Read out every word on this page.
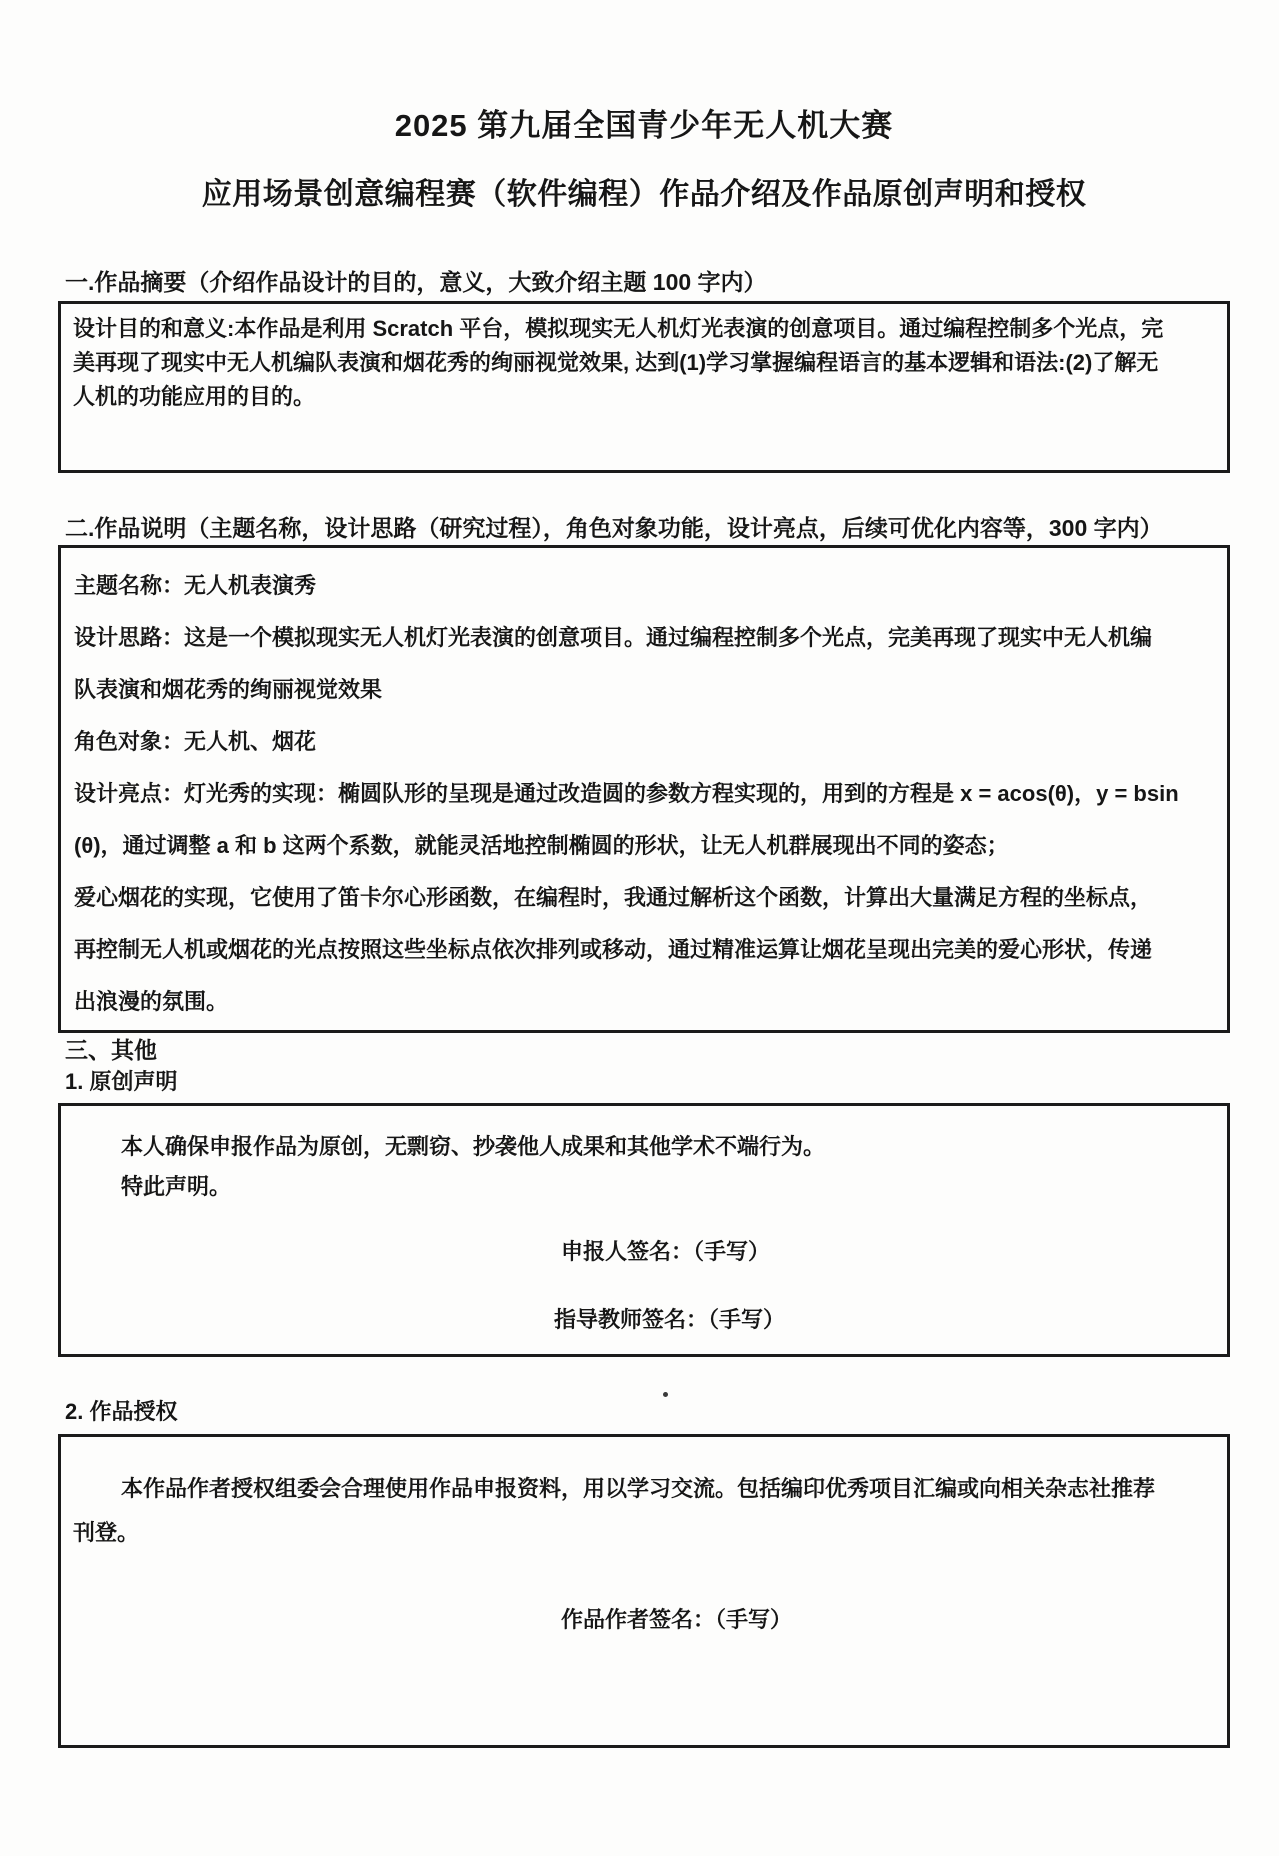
2025 第九届全国青少年无人机大赛
应用场景创意编程赛（软件编程）作品介绍及作品原创声明和授权
一.作品摘要（介绍作品设计的目的，意义，大致介绍主题 100 字内）
设计目的和意义:本作品是利用 Scratch 平台，模拟现实无人机灯光表演的创意项目。通过编程控制多个光点，完
美再现了现实中无人机编队表演和烟花秀的绚丽视觉效果, 达到(1)学习掌握编程语言的基本逻辑和语法:(2)了解无
人机的功能应用的目的。
二.作品说明（主题名称，设计思路（研究过程），角色对象功能，设计亮点，后续可优化内容等，300 字内）
主题名称：无人机表演秀
设计思路：这是一个模拟现实无人机灯光表演的创意项目。通过编程控制多个光点，完美再现了现实中无人机编
队表演和烟花秀的绚丽视觉效果
角色对象：无人机、烟花
设计亮点：灯光秀的实现：椭圆队形的呈现是通过改造圆的参数方程实现的，用到的方程是 x = acos(θ)，y = bsin
(θ)，通过调整 a 和 b 这两个系数，就能灵活地控制椭圆的形状，让无人机群展现出不同的姿态；
爱心烟花的实现，它使用了笛卡尔心形函数，在编程时，我通过解析这个函数，计算出大量满足方程的坐标点，
再控制无人机或烟花的光点按照这些坐标点依次排列或移动，通过精准运算让烟花呈现出完美的爱心形状，传递
出浪漫的氛围。
三、其他
1. 原创声明
本人确保申报作品为原创，无剽窃、抄袭他人成果和其他学术不端行为。
特此声明。
申报人签名：（手写）
指导教师签名：（手写）
2. 作品授权
本作品作者授权组委会合理使用作品申报资料，用以学习交流。包括编印优秀项目汇编或向相关杂志社推荐
刊登。
作品作者签名：（手写）
